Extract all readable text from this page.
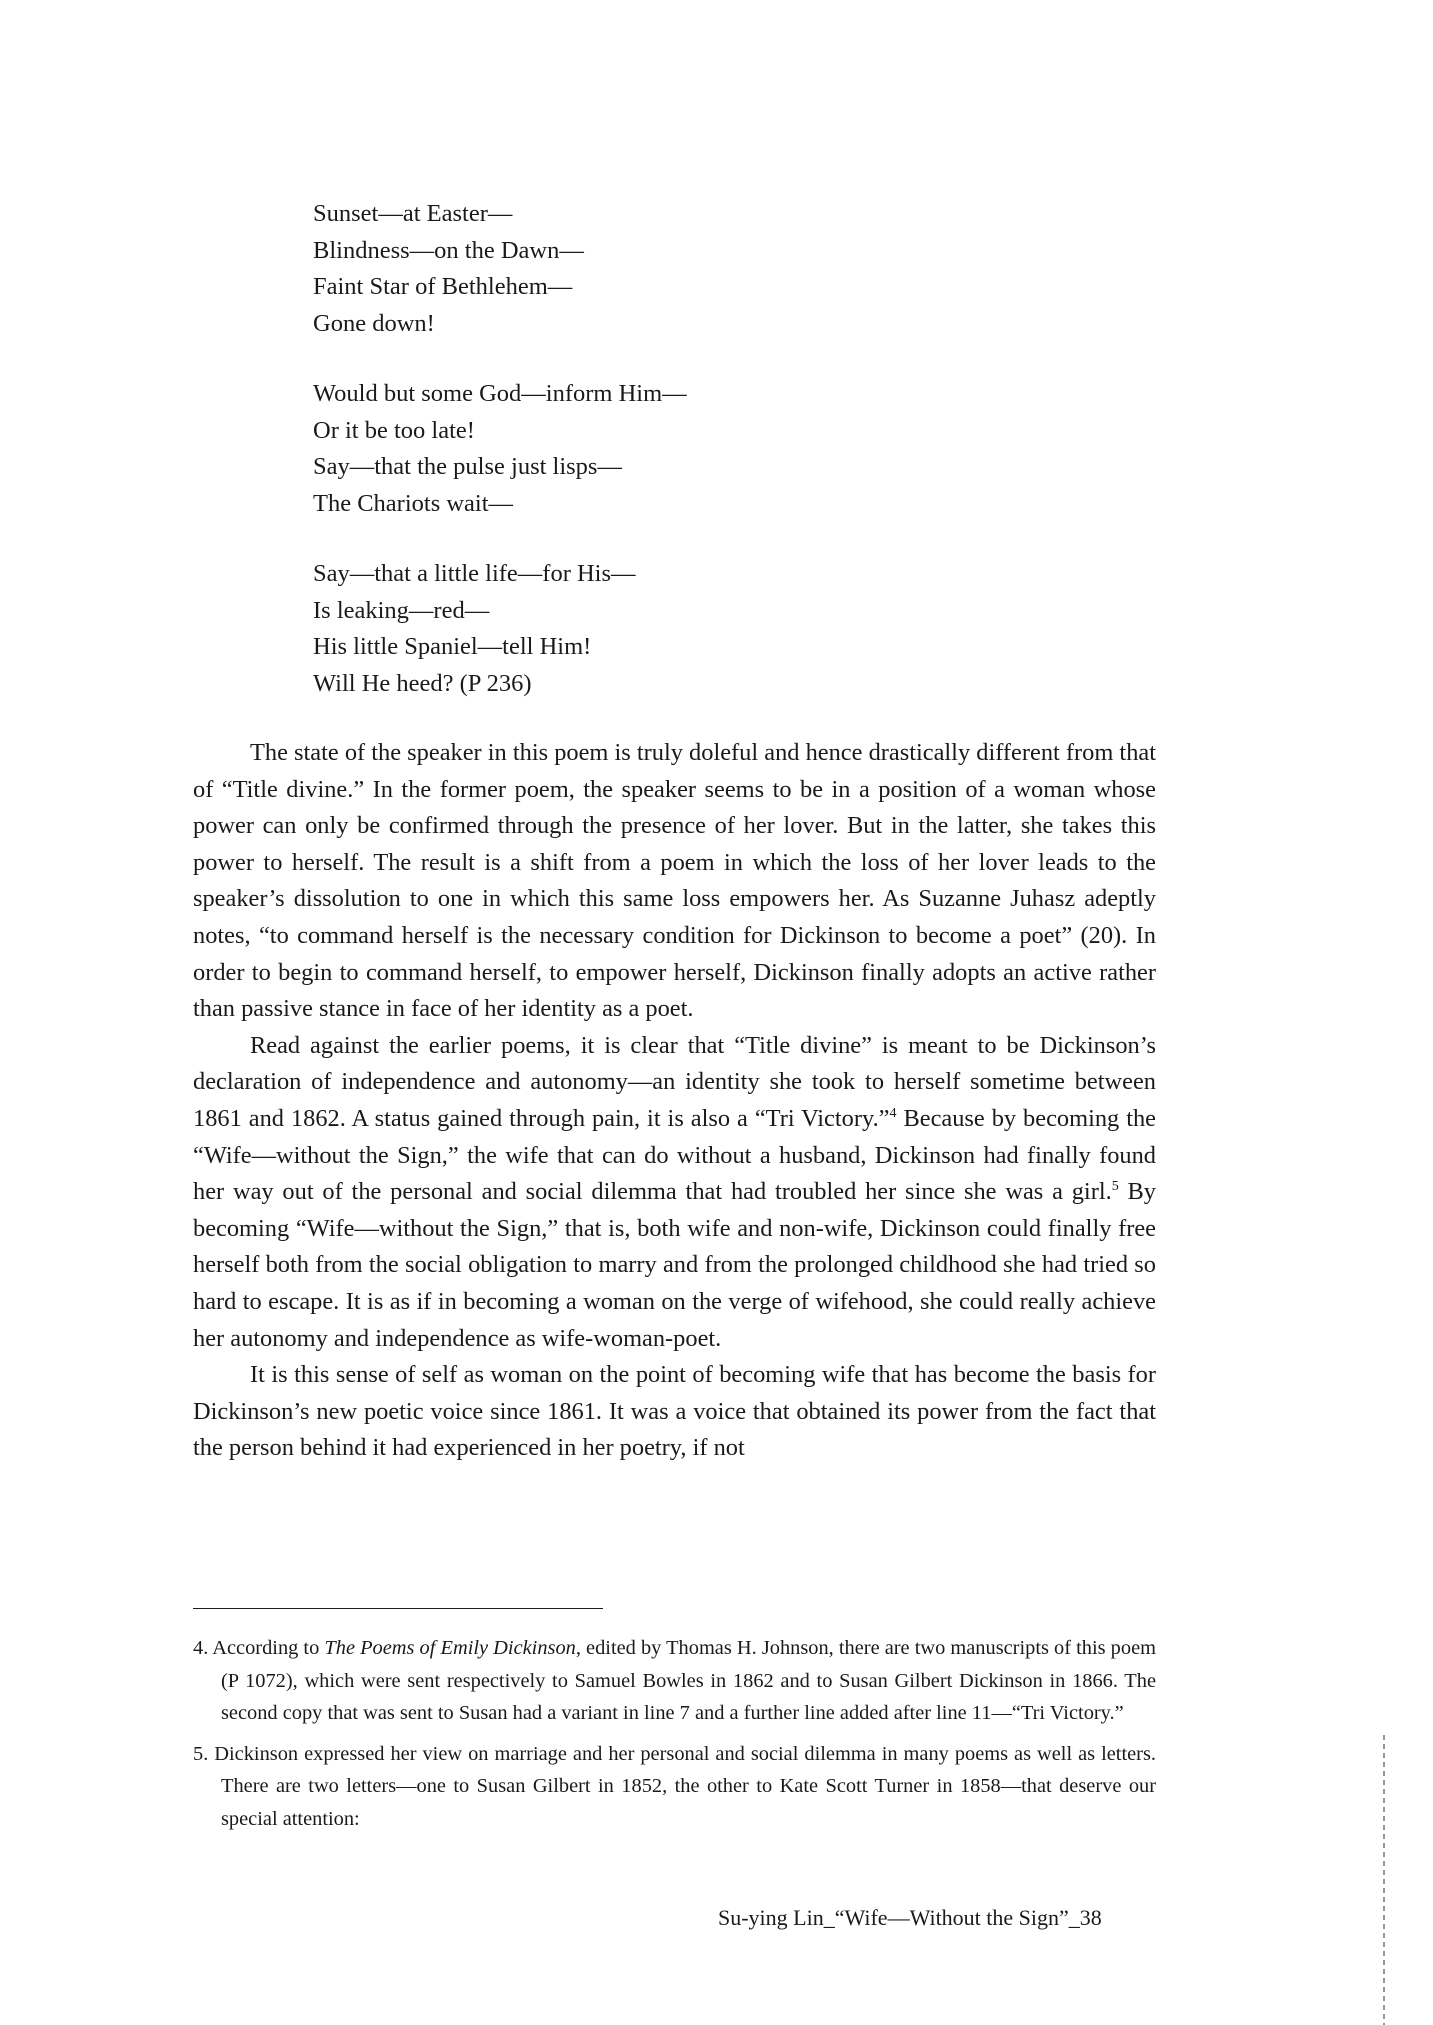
Sunset—at Easter—
Blindness—on the Dawn—
Faint Star of Bethlehem—
Gone down!
Would but some God—inform Him—
Or it be too late!
Say—that the pulse just lisps—
The Chariots wait—
Say—that a little life—for His—
Is leaking—red—
His little Spaniel—tell Him!
Will He heed? (P 236)

The state of the speaker in this poem is truly doleful and hence drastically different from that of “Title divine.” In the former poem, the speaker seems to be in a position of a woman whose power can only be confirmed through the presence of her lover. But in the latter, she takes this power to herself. The result is a shift from a poem in which the loss of her lover leads to the speaker’s dissolution to one in which this same loss empowers her. As Suzanne Juhasz adeptly notes, “to command herself is the necessary condition for Dickinson to become a poet” (20). In order to begin to command herself, to empower herself, Dickinson finally adopts an active rather than passive stance in face of her identity as a poet.

Read against the earlier poems, it is clear that “Title divine” is meant to be Dickinson’s declaration of independence and autonomy—an identity she took to herself sometime between 1861 and 1862. A status gained through pain, it is also a “Tri Victory.”$^4$ Because by becoming the “Wife—without the Sign,” the wife that can do without a husband, Dickinson had finally found her way out of the personal and social dilemma that had troubled her since she was a girl.$^5$ By becoming “Wife—without the Sign,” that is, both wife and non-wife, Dickinson could finally free herself both from the social obligation to marry and from the prolonged childhood she had tried so hard to escape. It is as if in becoming a woman on the verge of wifehood, she could really achieve her autonomy and independence as wife-woman-poet.

It is this sense of self as woman on the point of becoming wife that has become the basis for Dickinson’s new poetic voice since 1861. It was a voice that obtained its power from the fact that the person behind it had experienced in her poetry, if not

4. According to The Poems of Emily Dickinson, edited by Thomas H. Johnson, there are two manuscripts of this poem (P 1072), which were sent respectively to Samuel Bowles in 1862 and to Susan Gilbert Dickinson in 1866. The second copy that was sent to Susan had a variant in line 7 and a further line added after line 11—“Tri Victory.”
5. Dickinson expressed her view on marriage and her personal and social dilemma in many poems as well as letters. There are two letters—one to Susan Gilbert in 1852, the other to Kate Scott Turner in 1858—that deserve our special attention:
Su-ying Lin_“Wife—Without the Sign”_38
